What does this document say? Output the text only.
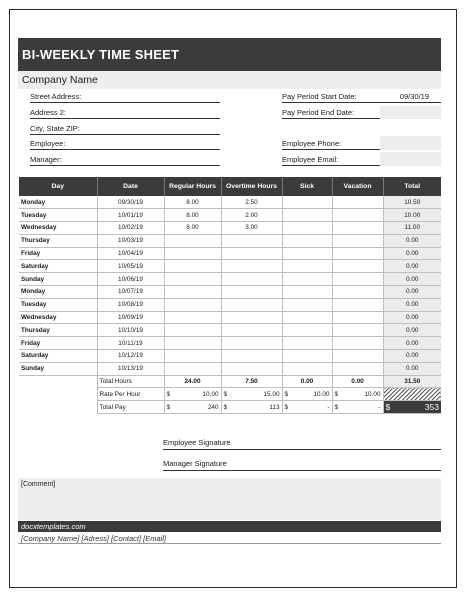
BI-WEEKLY TIME SHEET
Company Name
Street Address:
Address 2:
City, State ZIP:
Employee:
Manager:
Pay Period Start Date:	09/30/19
Pay Period End Date:
Employee Phone:
Employee Email:
Day	Date	Regular Hours	Overtime Hours	Sick	Vacation	Total
Monday	09/30/19	8.00	2.50			10.50
Tuesday	10/01/19	8.00	2.00			10.00
Wednesday	10/02/19	8.00	3.00			11.00
Thursday	10/03/19					0.00
Friday	10/04/19					0.00
Saturday	10/05/19					0.00
Sunday	10/06/19					0.00
Monday	10/07/19					0.00
Tuesday	10/08/19					0.00
Wednesday	10/09/19					0.00
Thursday	10/10/19					0.00
Friday	10/11/19					0.00
Saturday	10/12/19					0.00
Sunday	10/13/19					0.00
	Total Hours	24.00	7.50	0.00	0.00	31.50
	Rate Per Hour	$ 10.00	$ 15.00	$ 10.00	$ 10.00	

	Total Pay	$ 240	$ 113	$ -	$ -	$ 353
Employee Signature
Manager Signature
[Comment]
docxtemplates.com
[Company Name] [Adress] [Contact] [Email]
